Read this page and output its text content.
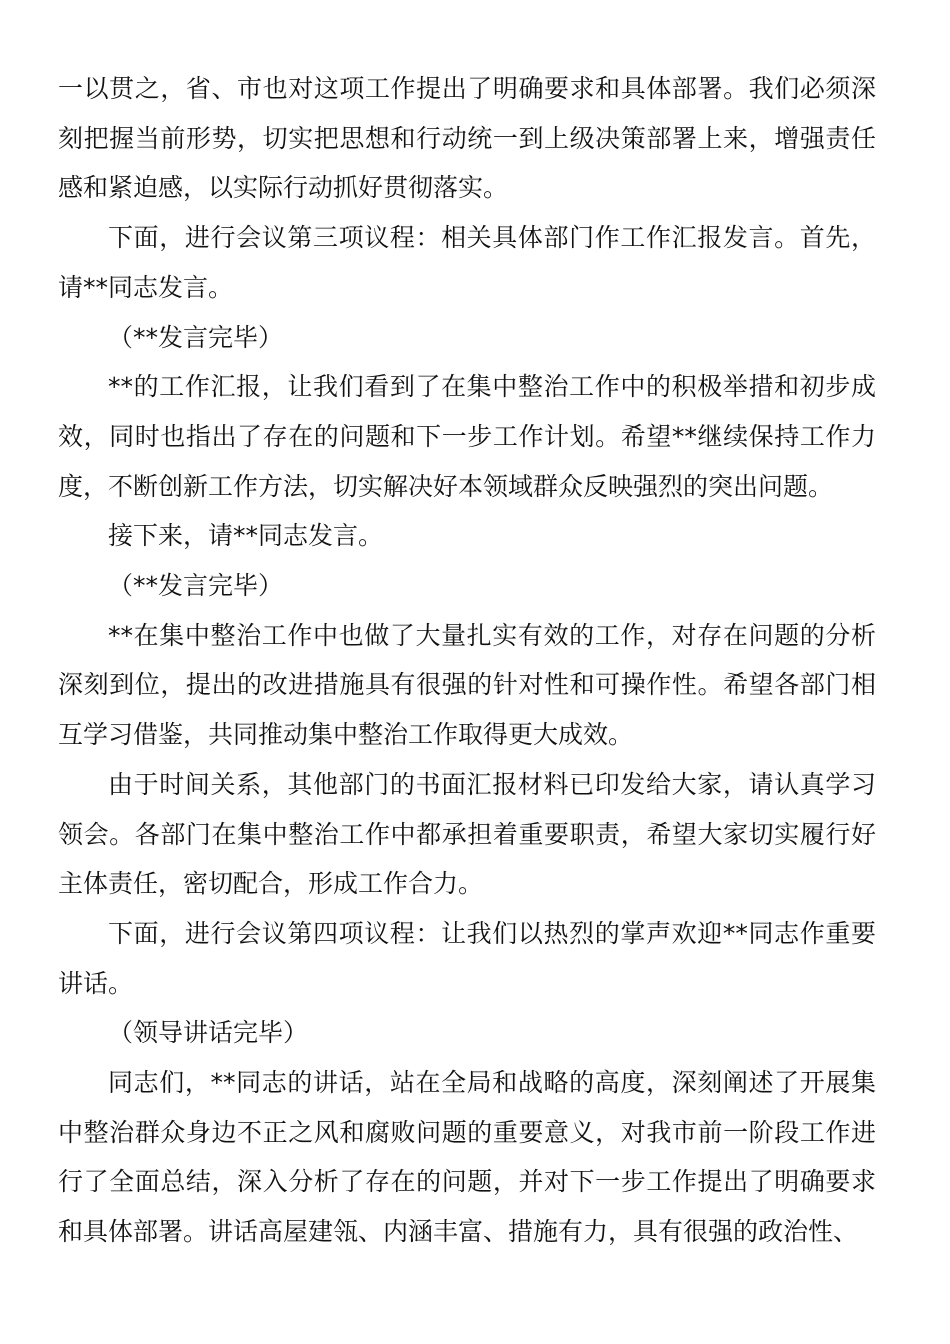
一以贯之，省、市也对这项工作提出了明确要求和具体部署。我们必须深刻把握当前形势，切实把思想和行动统一到上级决策部署上来，增强责任感和紧迫感，以实际行动抓好贯彻落实。

下面，进行会议第三项议程：相关具体部门作工作汇报发言。首先，请**同志发言。

（**发言完毕）

**的工作汇报，让我们看到了在集中整治工作中的积极举措和初步成效，同时也指出了存在的问题和下一步工作计划。希望**继续保持工作力度，不断创新工作方法，切实解决好本领域群众反映强烈的突出问题。

接下来，请**同志发言。

（**发言完毕）

**在集中整治工作中也做了大量扎实有效的工作，对存在问题的分析深刻到位，提出的改进措施具有很强的针对性和可操作性。希望各部门相互学习借鉴，共同推动集中整治工作取得更大成效。

由于时间关系，其他部门的书面汇报材料已印发给大家，请认真学习领会。各部门在集中整治工作中都承担着重要职责，希望大家切实履行好主体责任，密切配合，形成工作合力。

下面，进行会议第四项议程：让我们以热烈的掌声欢迎**同志作重要讲话。

（领导讲话完毕）

同志们，**同志的讲话，站在全局和战略的高度，深刻阐述了开展集中整治群众身边不正之风和腐败问题的重要意义，对我市前一阶段工作进行了全面总结，深入分析了存在的问题，并对下一步工作提出了明确要求和具体部署。讲话高屋建瓴、内涵丰富、措施有力，具有很强的政治性、
